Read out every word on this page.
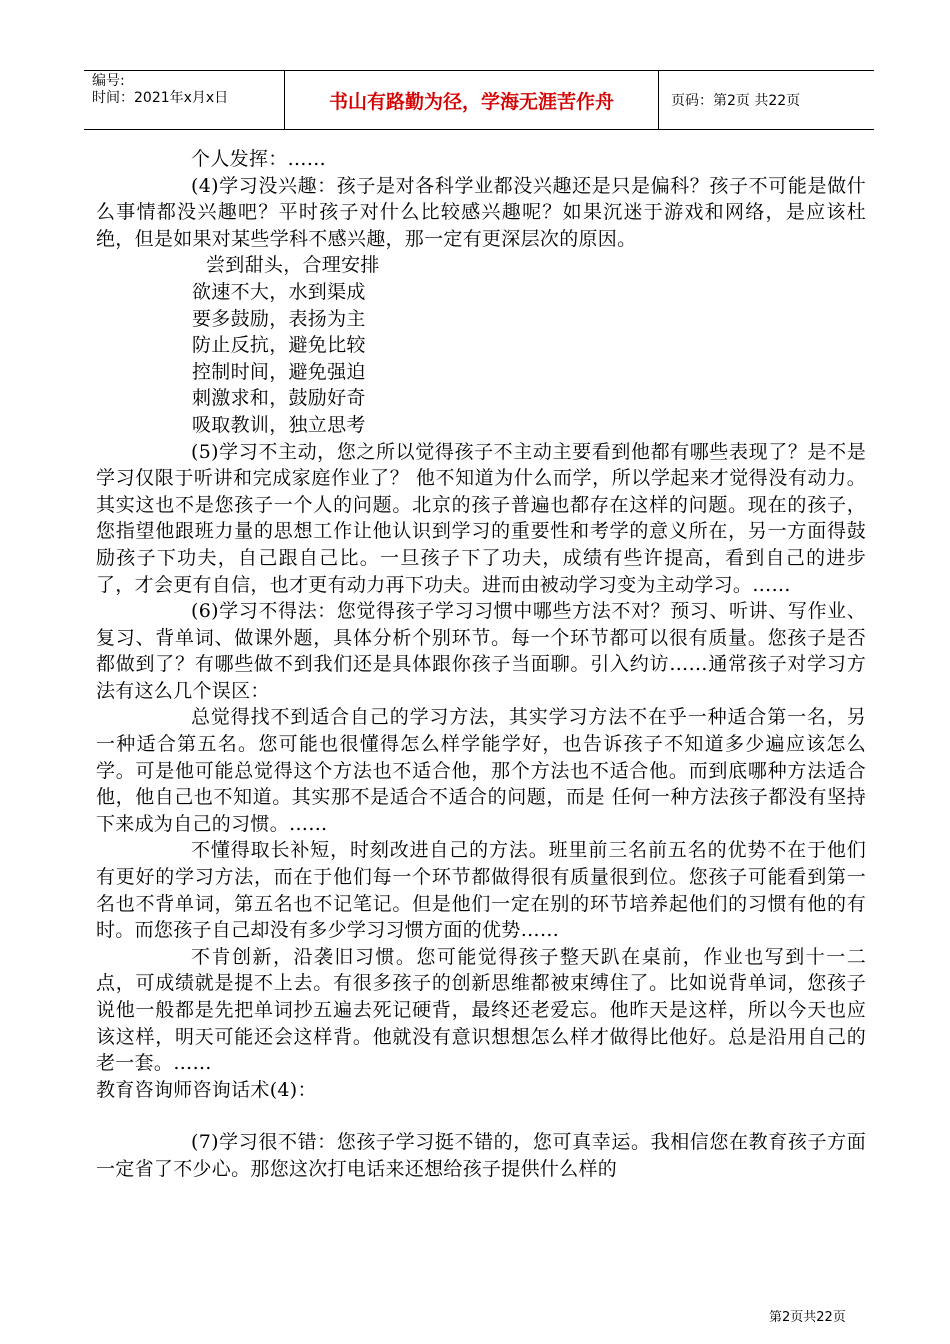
编号:
时间：2021年x月x日	书山有路勤为径，学海无涯苦作舟	页码：第2页 共22页

个人发挥：……

(4)学习没兴趣：孩子是对各科学业都没兴趣还是只是偏科？孩子不可能是做什么事情都没兴趣吧？平时孩子对什么比较感兴趣呢？如果沉迷于游戏和网络，是应该杜绝，但是如果对某些学科不感兴趣，那一定有更深层次的原因。

尝到甜头，合理安排

欲速不大，水到渠成

要多鼓励，表扬为主

防止反抗，避免比较

控制时间，避免强迫

刺激求和，鼓励好奇

吸取教训，独立思考

(5)学习不主动，您之所以觉得孩子不主动主要看到他都有哪些表现了？是不是学习仅限于听讲和完成家庭作业了？ 他不知道为什么而学，所以学起来才觉得没有动力。其实这也不是您孩子一个人的问题。北京的孩子普遍也都存在这样的问题。现在的孩子，您指望他跟班力量的思想工作让他认识到学习的重要性和考学的意义所在，另一方面得鼓励孩子下功夫，自己跟自己比。一旦孩子下了功夫，成绩有些许提高，看到自己的进步了，才会更有自信，也才更有动力再下功夫。进而由被动学习变为主动学习。……

(6)学习不得法：您觉得孩子学习习惯中哪些方法不对？预习、听讲、写作业、复习、背单词、做课外题，具体分析个别环节。每一个环节都可以很有质量。您孩子是否都做到了？有哪些做不到我们还是具体跟你孩子当面聊。引入约访……通常孩子对学习方法有这么几个误区：

总觉得找不到适合自己的学习方法，其实学习方法不在乎一种适合第一名，另一种适合第五名。您可能也很懂得怎么样学能学好，也告诉孩子不知道多少遍应该怎么学。可是他可能总觉得这个方法也不适合他，那个方法也不适合他。而到底哪种方法适合他，他自己也不知道。其实那不是适合不适合的问题，而是 任何一种方法孩子都没有坚持下来成为自己的习惯。……

不懂得取长补短，时刻改进自己的方法。班里前三名前五名的优势不在于他们有更好的学习方法，而在于他们每一个环节都做得很有质量很到位。您孩子可能看到第一名也不背单词，第五名也不记笔记。但是他们一定在别的环节培养起他们的习惯有他的有时。而您孩子自己却没有多少学习习惯方面的优势……

不肯创新，沿袭旧习惯。您可能觉得孩子整天趴在桌前，作业也写到十一二点，可成绩就是提不上去。有很多孩子的创新思维都被束缚住了。比如说背单词，您孩子说他一般都是先把单词抄五遍去死记硬背，最终还老爱忘。他昨天是这样，所以今天也应该这样，明天可能还会这样背。他就没有意识想想怎么样才做得比他好。总是沿用自己的老一套。……

教育咨询师咨询话术(4)：

(7)学习很不错：您孩子学习挺不错的，您可真幸运。我相信您在教育孩子方面一定省了不少心。那您这次打电话来还想给孩子提供什么样的

第2页共22页
